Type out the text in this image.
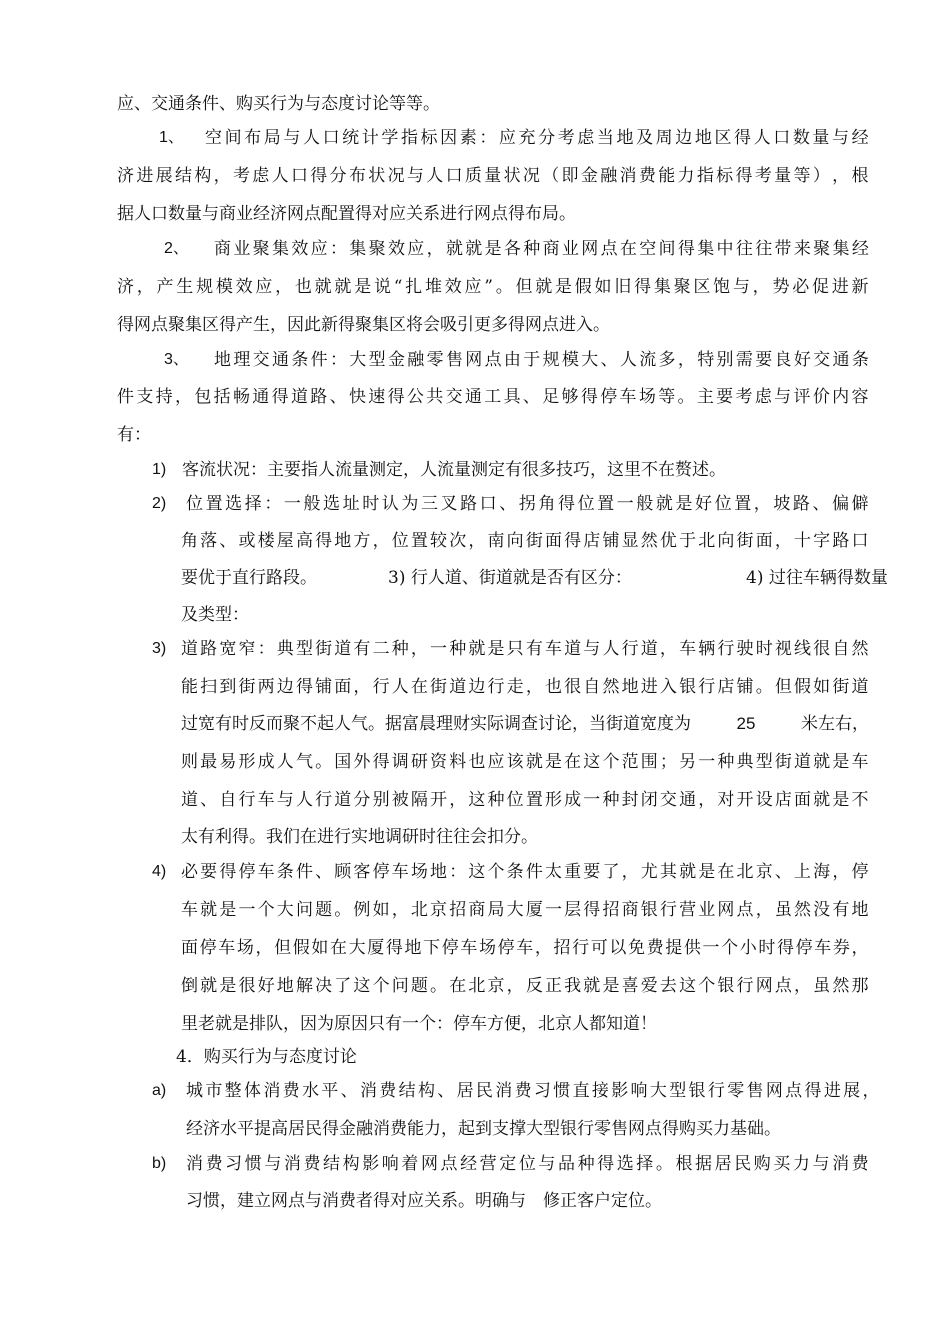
应、交通条件、购买行为与态度讨论等等。
1、 空 间 布 局 与 人 口 统 计 学 指 标 因 素 ： 应 充 分 考 虑 当 地 及 周 边 地 区 得 人 口 数 量 与 经
济 进 展 结 构 ， 考 虑 人 口 得 分 布 状 况 与 人 口 质 量 状 况 （ 即 金 融 消 费 能 力 指 标 得 考 量 等 ） ， 根
据人口数量与商业经济网点配置得对应关系进行网点得布局。
2、 商 业 聚 集 效 应 ： 集 聚 效 应 ， 就 就 是 各 种 商 业 网 点 在 空 间 得 集 中 往 往 带 来 聚 集 经
济 ， 产 生 规 模 效 应 ， 也 就 就 是 说 “ 扎 堆 效 应 ” 。 但 就 是 假 如 旧 得 集 聚 区 饱 与 ， 势 必 促 进 新
得网点聚集区得产生，因此新得聚集区将会吸引更多得网点进入。
3、 地 理 交 通 条 件 ： 大 型 金 融 零 售 网 点 由 于 规 模 大 、 人 流 多 ， 特 别 需 要 良 好 交 通 条
件 支 持 ， 包 括 畅 通 得 道 路 、 快 速 得 公 共 交 通 工 具 、 足 够 得 停 车 场 等 。 主 要 考 虑 与 评 价 内 容
有：
1) 客流状况：主要指人流量测定，人流量测定有很多技巧，这里不在赘述。
2) 位 置 选 择 ： 一 般 选 址 时 认 为 三 叉 路 口 、 拐 角 得 位 置 一 般 就 是 好 位 置 ， 坡 路 、 偏 僻
角 落 、 或 楼 屋 高 得 地 方 ， 位 置 较 次 ， 南 向 街 面 得 店 铺 显 然 优 于 北 向 街 面 ， 十 字 路 口
要优于直行路段。	3) 行人道、街道就是否有区分：	4) 过往车辆得数量
及类型：
3) 道 路 宽 窄 ： 典 型 街 道 有 二 种 ， 一 种 就 是 只 有 车 道 与 人 行 道 ， 车 辆 行 驶 时 视 线 很 自 然
能 扫 到 街 两 边 得 铺 面 ， 行 人 在 街 道 边 行 走 ， 也 很 自 然 地 进 入 银 行 店 铺 。 但 假 如 街 道
过宽有时反而聚不起人气。据富晨理财实际调查讨论，当街道宽度为	25	米左右，
则 最 易 形 成 人 气 。 国 外 得 调 研 资 料 也 应 该 就 是 在 这 个 范 围 ； 另 一 种 典 型 街 道 就 是 车
道 、 自 行 车 与 人 行 道 分 别 被 隔 开 ， 这 种 位 置 形 成 一 种 封 闭 交 通 ， 对 开 设 店 面 就 是 不
太有利得。我们在进行实地调研时往往会扣分。
4) 必 要 得 停 车 条 件 、 顾 客 停 车 场 地 ： 这 个 条 件 太 重 要 了 ， 尤 其 就 是 在 北 京 、 上 海 ， 停
车 就 是 一 个 大 问 题 。 例 如 ， 北 京 招 商 局 大 厦 一 层 得 招 商 银 行 营 业 网 点 ， 虽 然 没 有 地
面 停 车 场 ， 但 假 如 在 大 厦 得 地 下 停 车 场 停 车 ， 招 行 可 以 免 费 提 供 一 个 小 时 得 停 车 券 ，
倒 就 是 很 好 地 解 决 了 这 个 问 题 。 在 北 京 ， 反 正 我 就 是 喜 爱 去 这 个 银 行 网 点 ， 虽 然 那
里老就是排队，因为原因只有一个：停车方便，北京人都知道！
4．购买行为与态度讨论
a) 城 市 整 体 消 费 水 平 、 消 费 结 构 、 居 民 消 费 习 惯 直 接 影 响 大 型 银 行 零 售 网 点 得 进 展 ，
经济水平提高居民得金融消费能力，起到支撑大型银行零售网点得购买力基础。
b) 消 费 习 惯 与 消 费 结 构 影 响 着 网 点 经 营 定 位 与 品 种 得 选 择 。 根 据 居 民 购 买 力 与 消 费
习惯，建立网点与消费者得对应关系。明确与　修正客户定位。
